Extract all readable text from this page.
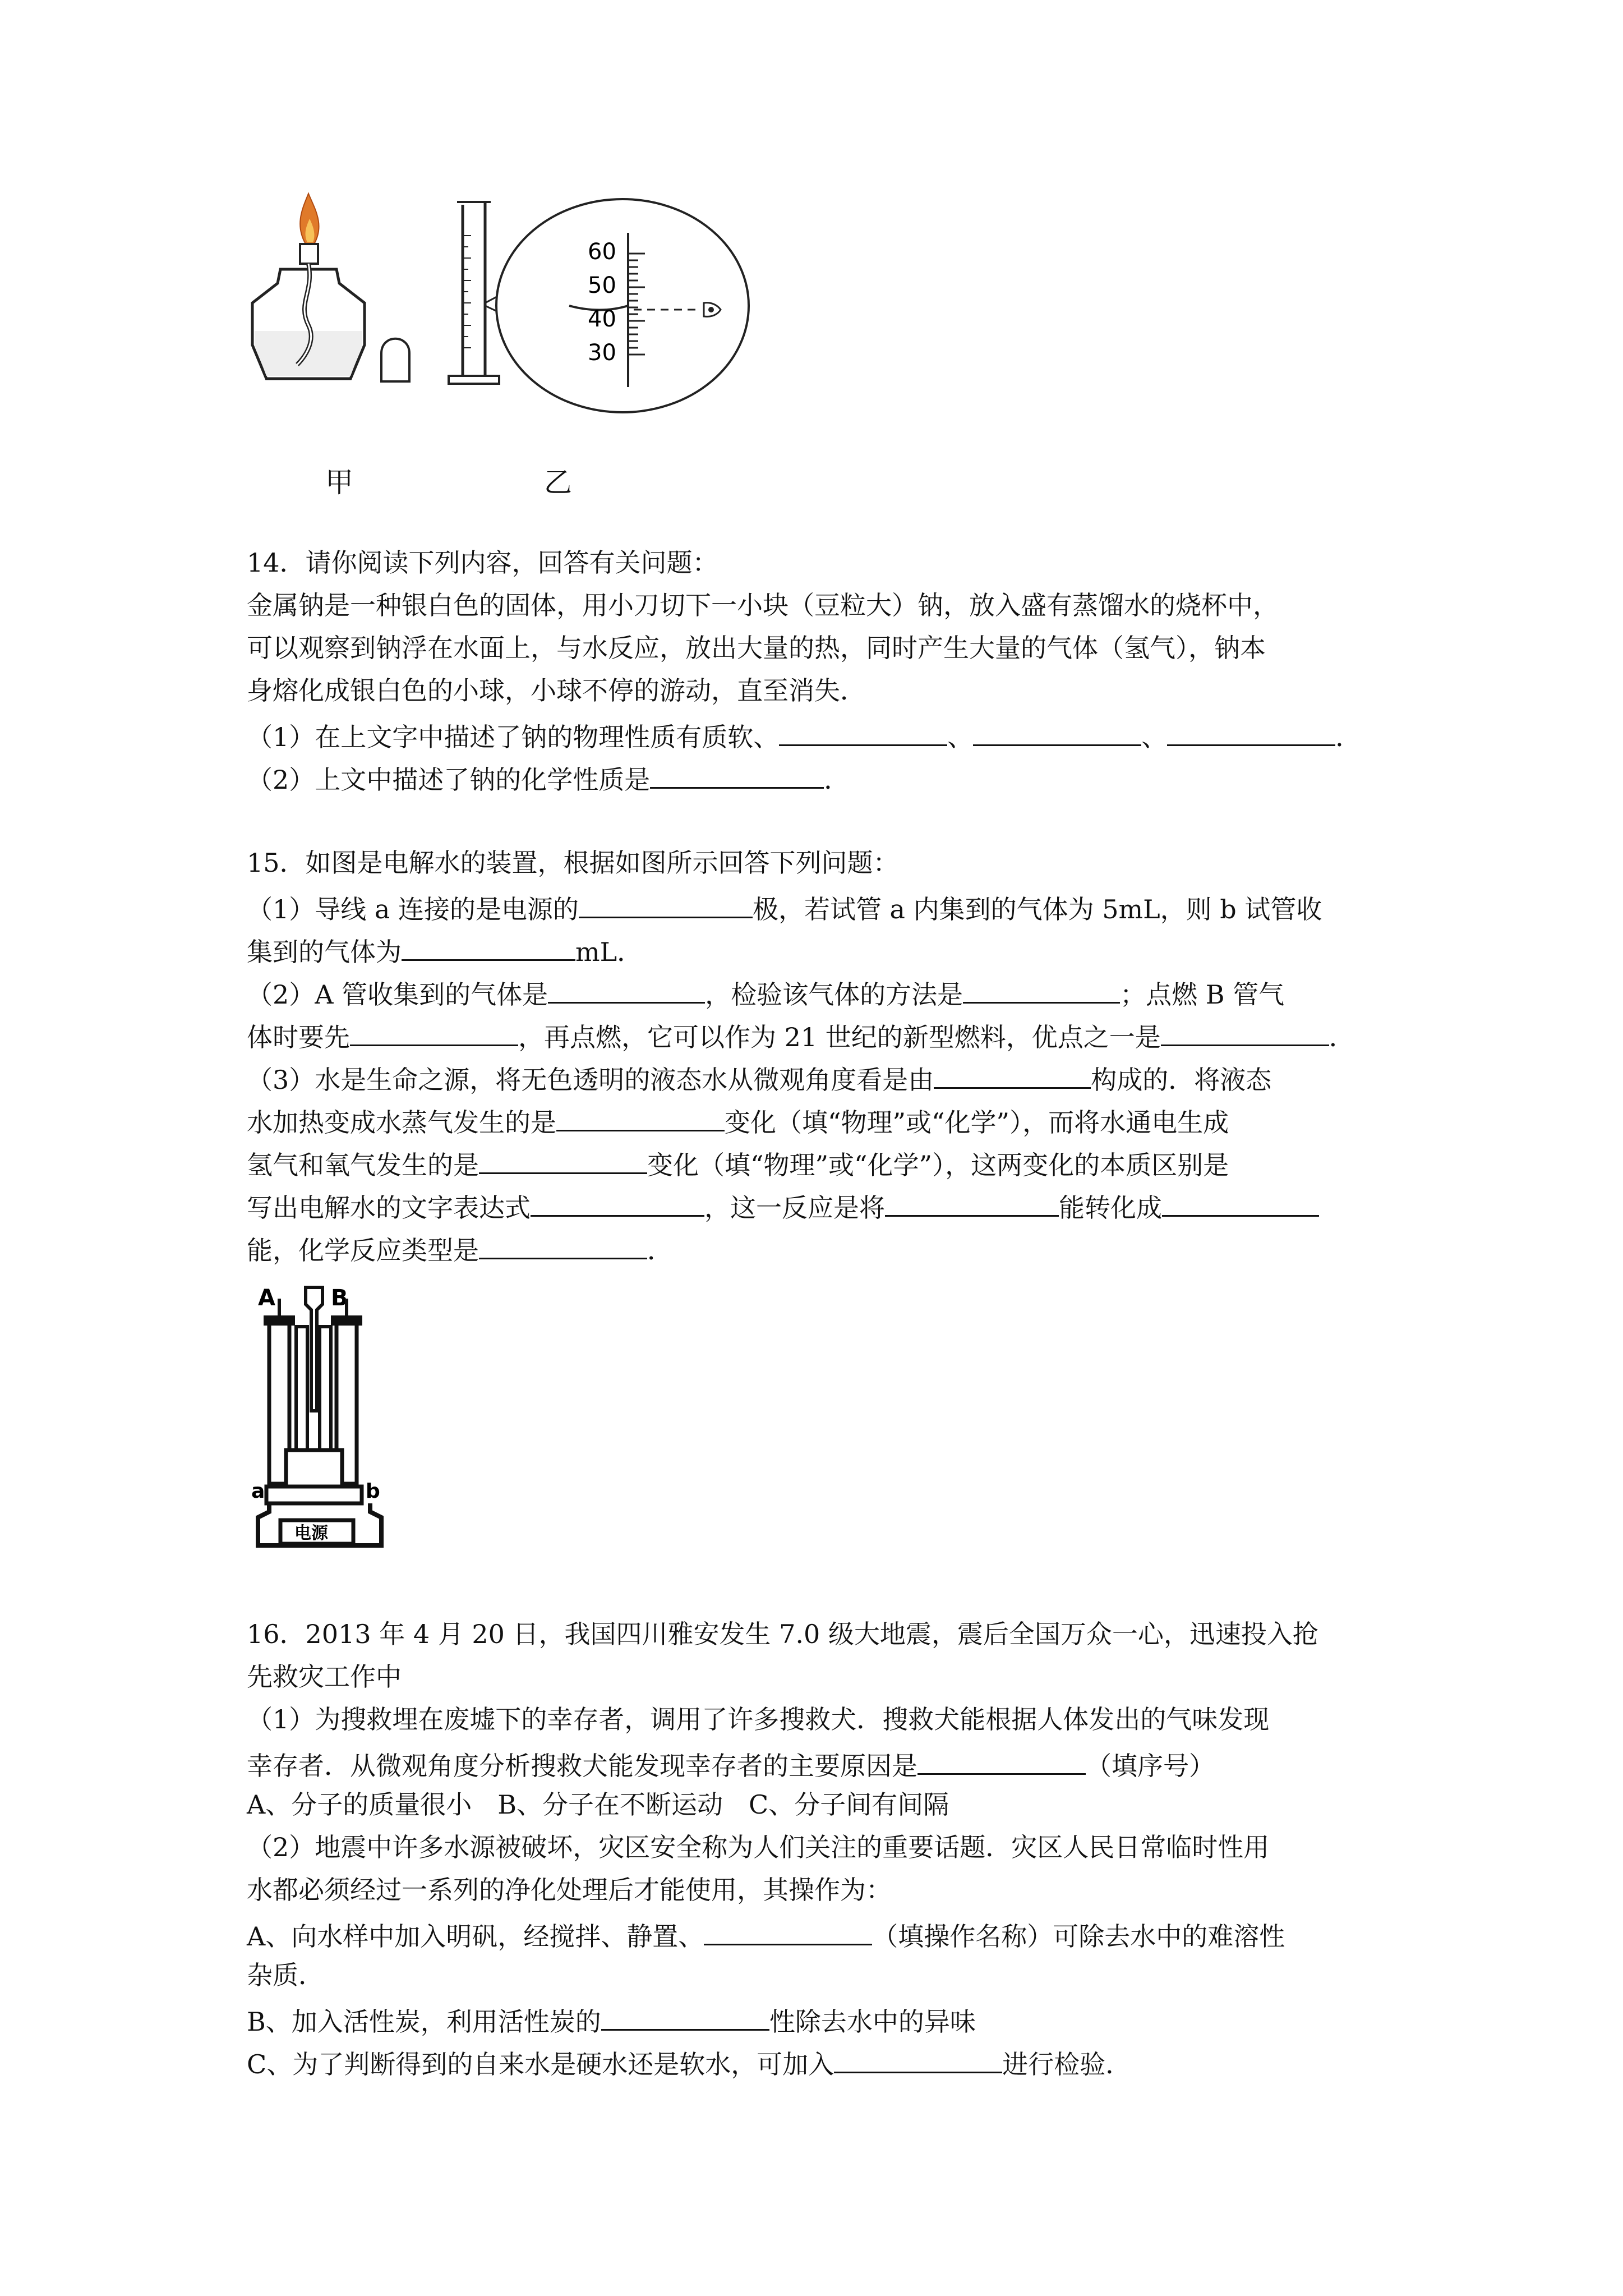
60
50
40
30
甲	乙
14．请你阅读下列内容，回答有关问题：
金属钠是一种银白色的固体，用小刀切下一小块（豆粒大）钠，放入盛有蒸馏水的烧杯中，
可以观察到钠浮在水面上，与水反应，放出大量的热，同时产生大量的气体（氢气），钠本
身熔化成银白色的小球，小球不停的游动，直至消失．
（1）在上文字中描述了钠的物理性质有质软、	、	、	．
（2）上文中描述了钠的化学性质是	．
15．如图是电解水的装置，根据如图所示回答下列问题：
（1）导线 a 连接的是电源的	极，若试管 a 内集到的气体为 5mL，则 b 试管收
集到的气体为	mL．
（2）A 管收集到的气体是	，检验该气体的方法是	；点燃 B 管气
体时要先	，再点燃，它可以作为 21 世纪的新型燃料，优点之一是	．
（3）水是生命之源，将无色透明的液态水从微观角度看是由	构成的．将液态
水加热变成水蒸气发生的是	变化（填“物理”或“化学”），而将水通电生成
氢气和氧气发生的是	变化（填“物理”或“化学”），这两变化的本质区别是
写出电解水的文字表达式	，这一反应是将	能转化成
能，化学反应类型是	．
A B
a	b
电源
16．2013 年 4 月 20 日，我国四川雅安发生 7.0 级大地震，震后全国万众一心，迅速投入抢
先救灾工作中
（1）为搜救埋在废墟下的幸存者，调用了许多搜救犬．搜救犬能根据人体发出的气味发现
幸存者．从微观角度分析搜救犬能发现幸存者的主要原因是	（填序号）
A、分子的质量很小　B、分子在不断运动　C、分子间有间隔
（2）地震中许多水源被破坏，灾区安全称为人们关注的重要话题．灾区人民日常临时性用
水都必须经过一系列的净化处理后才能使用，其操作为：
A、向水样中加入明矾，经搅拌、静置、	（填操作名称）可除去水中的难溶性
杂质．
B、加入活性炭，利用活性炭的	性除去水中的异味
C、为了判断得到的自来水是硬水还是软水，可加入	进行检验．
